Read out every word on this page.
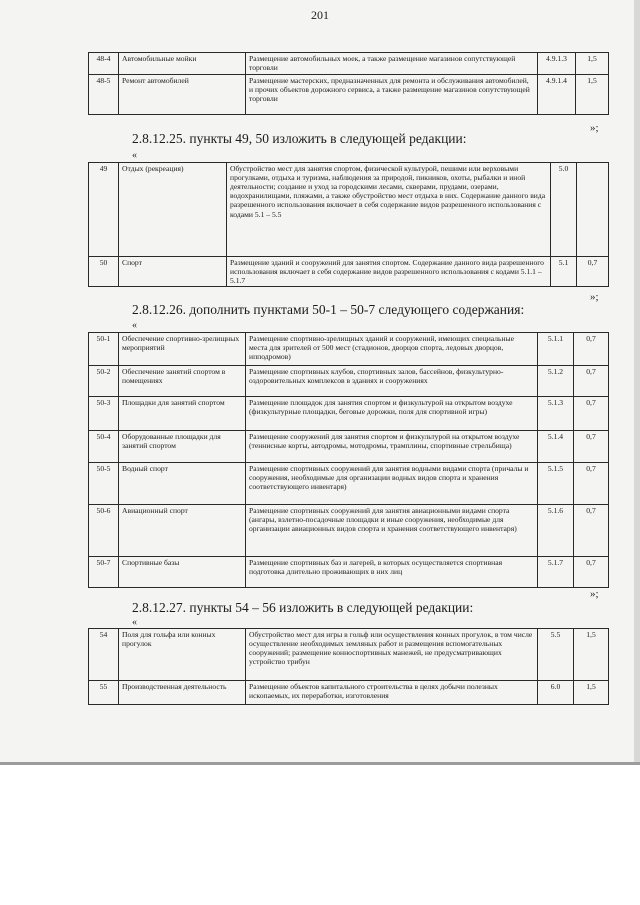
201
48-4	Автомобильные мойки	Размещение автомобильных моек, а также размещение магазинов сопутствующей торговли	4.9.1.3	1,5
48-5	Ремонт автомобилей	Размещение мастерских, предназначенных для ремонта и обслуживания автомобилей, и прочих объектов дорожного сервиса, а также размещение магазинов сопутствующей торговли	4.9.1.4	1,5
»;
2.8.12.25. пункты 49, 50 изложить в следующей редакции:
«
49	Отдых (рекреация)	Обустройство мест для занятия спортом, физической культурой, пешими или верховыми прогулками, отдыха и туризма, наблюдения за природой, пикников, охоты, рыбалки и иной деятельности; создание и уход за городскими лесами, скверами, прудами, озерами, водохранилищами, пляжами, а также обустройство мест отдыха в них. Содержание данного вида разрешенного использования включает в себя содержание видов разрешенного использования с кодами 5.1 – 5.5	5.0	
50	Спорт	Размещение зданий и сооружений для занятия спортом. Содержание данного вида разрешенного использования включает в себя содержание видов разрешенного использования с кодами 5.1.1 – 5.1.7	5.1	0,7
»;
2.8.12.26. дополнить пунктами 50-1 – 50-7 следующего содержания:
«
50-1	Обеспечение спортивно-зрелищных мероприятий	Размещение спортивно-зрелищных зданий и сооружений, имеющих специальные места для зрителей от 500 мест (стадионов, дворцов спорта, ледовых дворцов, ипподромов)	5.1.1	0,7
50-2	Обеспечение занятий спортом в помещениях	Размещение спортивных клубов, спортивных залов, бассейнов, физкультурно-оздоровительных комплексов в зданиях и сооружениях	5.1.2	0,7
50-3	Площадки для занятий спортом	Размещение площадок для занятия спортом и физкультурой на открытом воздухе (физкультурные площадки, беговые дорожки, поля для спортивной игры)	5.1.3	0,7
50-4	Оборудованные площадки для занятий спортом	Размещение сооружений для занятия спортом и физкультурой на открытом воздухе (теннисные корты, автодромы, мотодромы, трамплины, спортивные стрельбища)	5.1.4	0,7
50-5	Водный спорт	Размещение спортивных сооружений для занятия водными видами спорта (причалы и сооружения, необходимые для организации водных видов спорта и хранения соответствующего инвентаря)	5.1.5	0,7
50-6	Авиационный спорт	Размещение спортивных сооружений для занятия авиационными видами спорта (ангары, взлетно-посадочные площадки и иные сооружения, необходимые для организации авиационных видов спорта и хранения соответствующего инвентаря)	5.1.6	0,7
50-7	Спортивные базы	Размещение спортивных баз и лагерей, в которых осуществляется спортивная подготовка длительно проживающих в них лиц	5.1.7	0,7
»;
2.8.12.27. пункты 54 – 56 изложить в следующей редакции:
«
54	Поля для гольфа или конных прогулок	Обустройство мест для игры в гольф или осуществления конных прогулок, в том числе осуществление необходимых земляных работ и размещения вспомогательных сооружений; размещение конноспортивных манежей, не предусматривающих устройство трибун	5.5	1,5
55	Производственная деятельность	Размещение объектов капитального строительства в целях добычи полезных ископаемых, их переработки, изготовления	6.0	1,5
